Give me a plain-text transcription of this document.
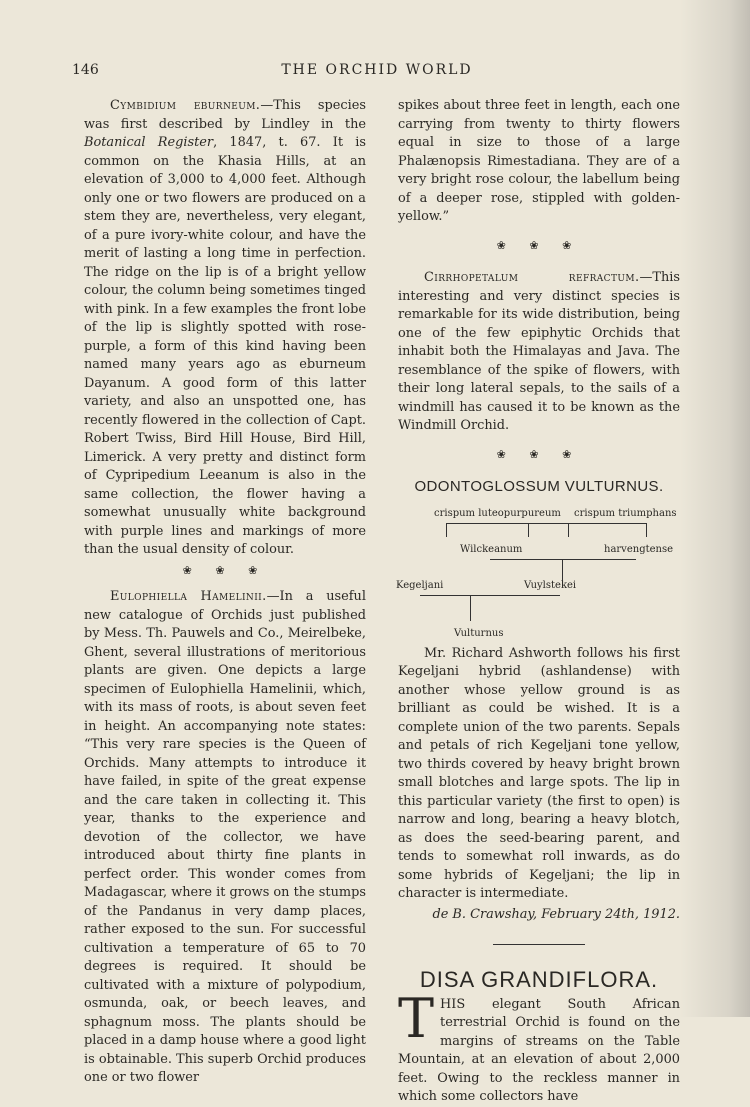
146	THE ORCHID WORLD

Cymbidium eburneum.—This species was first described by Lindley in the Botanical Register, 1847, t. 67. It is common on the Khasia Hills, at an elevation of 3,000 to 4,000 feet. Although only one or two flowers are produced on a stem they are, nevertheless, very elegant, of a pure ivory-white colour, and have the merit of lasting a long time in perfection. The ridge on the lip is of a bright yellow colour, the column being sometimes tinged with pink. In a few examples the front lobe of the lip is slightly spotted with rose-purple, a form of this kind having been named many years ago as eburneum Dayanum. A good form of this latter variety, and also an unspotted one, has recently flowered in the collection of Capt. Robert Twiss, Bird Hill House, Bird Hill, Limerick. A very pretty and distinct form of Cypripedium Leeanum is also in the same collection, the flower having a somewhat unusually white background with purple lines and markings of more than the usual density of colour.

❀ ❀ ❀

Eulophiella Hamelinii.—In a useful new catalogue of Orchids just published by Mess. Th. Pauwels and Co., Meirelbeke, Ghent, several illustrations of meritorious plants are given. One depicts a large specimen of Eulophiella Hamelinii, which, with its mass of roots, is about seven feet in height. An accompanying note states: “This very rare species is the Queen of Orchids. Many attempts to introduce it have failed, in spite of the great expense and the care taken in collecting it. This year, thanks to the experience and devotion of the collector, we have introduced about thirty fine plants in perfect order. This wonder comes from Madagascar, where it grows on the stumps of the Pandanus in very damp places, rather exposed to the sun. For successful cultivation a temperature of 65 to 70 degrees is required. It should be cultivated with a mixture of polypodium, osmunda, oak, or beech leaves, and sphagnum moss. The plants should be placed in a damp house where a good light is obtainable. This superb Orchid produces one or two flower

spikes about three feet in length, each one carrying from twenty to thirty flowers equal in size to those of a large Phalænopsis Rimestadiana. They are of a very bright rose colour, the labellum being of a deeper rose, stippled with golden-yellow.”

❀ ❀ ❀

Cirrhopetalum refractum.—This interesting and very distinct species is remarkable for its wide distribution, being one of the few epiphytic Orchids that inhabit both the Himalayas and Java. The resemblance of the spike of flowers, with their long lateral sepals, to the sails of a windmill has caused it to be known as the Windmill Orchid.

❀ ❀ ❀
ODONTOGLOSSUM VULTURNUS.
crispum luteopurpureum crispum triumphans
Wilckeanum	harvengtense
Kegeljani	Vuylstekei
Vulturnus

Mr. Richard Ashworth follows his first Kegeljani hybrid (ashlandense) with another whose yellow ground is as brilliant as could be wished. It is a complete union of the two parents. Sepals and petals of rich Kegeljani tone yellow, two thirds covered by heavy bright brown small blotches and large spots. The lip in this particular variety (the first to open) is narrow and long, bearing a heavy blotch, as does the seed-bearing parent, and tends to somewhat roll inwards, as do some hybrids of Kegeljani; the lip in character is intermediate.

de B. Crawshay, February 24th, 1912.
DISA GRANDIFLORA.

THIS elegant South African terrestrial Orchid is found on the margins of streams on the Table Mountain, at an elevation of about 2,000 feet. Owing to the reckless manner in which some collectors have
